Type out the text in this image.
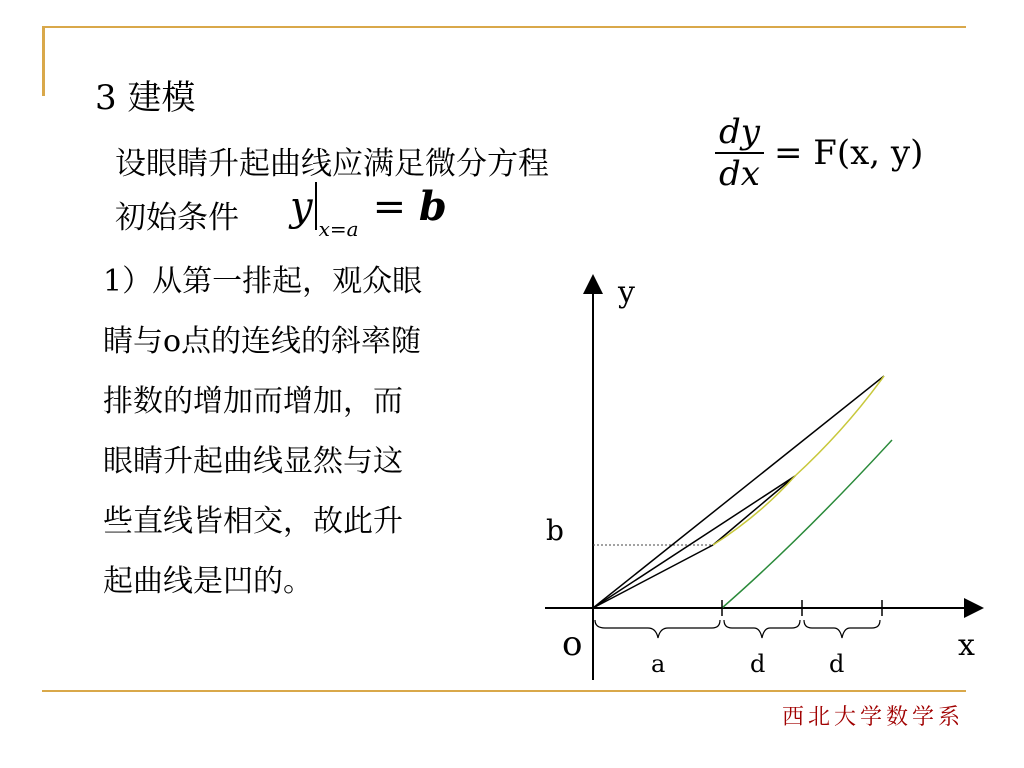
3 建模
设眼睛升起曲线应满足微分方程	$\frac{dy}{dx} = F(x$, y)
初始条件 y $_{x=a}$ = b
1）从第一排起，观众眼
睛与o点的连线的斜率随
排数的增加而增加，而
眼睛升起曲线显然与这
些直线皆相交，故此升
起曲线是凹的。
y
x
o
b
a	d	d
西北大学数学系
